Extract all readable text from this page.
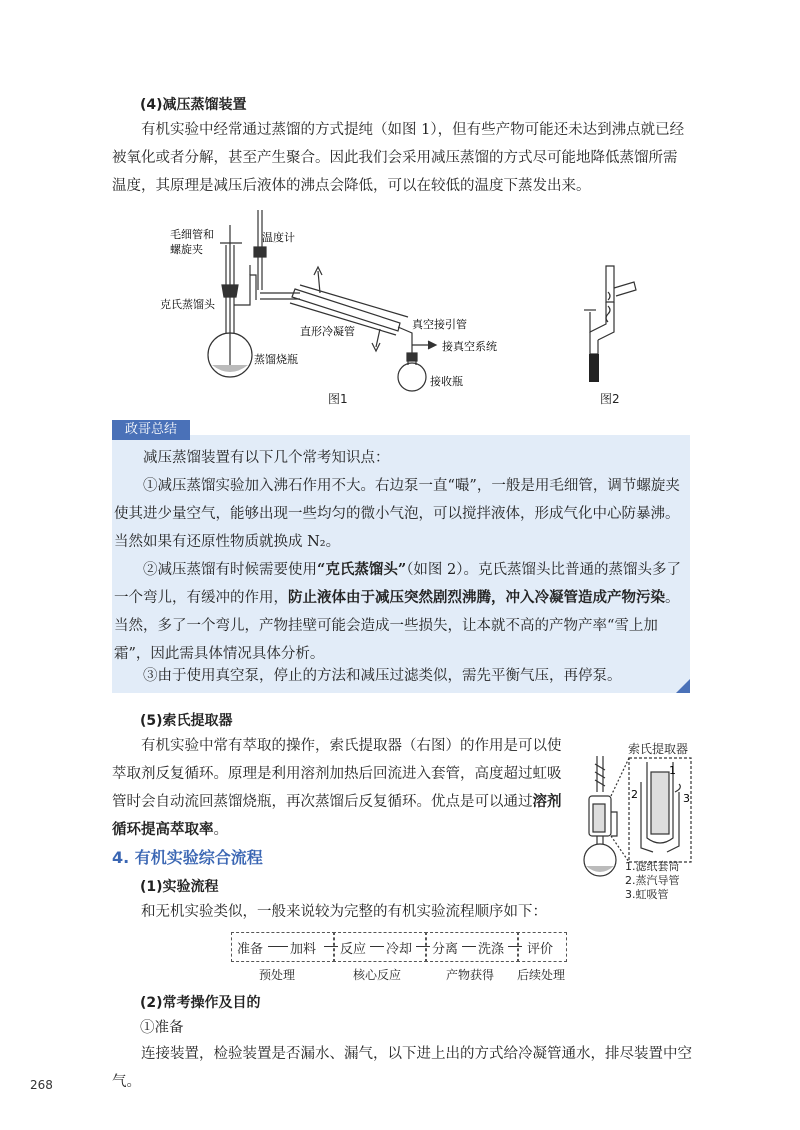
(4)减压蒸馏装置

有机实验中经常通过蒸馏的方式提纯（如图 1），但有些产物可能还未达到沸点就已经被氧化或者分解，甚至产生聚合。因此我们会采用减压蒸馏的方式尽可能地降低蒸馏所需温度，其原理是减压后液体的沸点会降低，可以在较低的温度下蒸发出来。

毛细管和
螺旋夹
温度计
克氏蒸馏头
直形冷凝管
真空接引管
接真空系统
蒸馏烧瓶
接收瓶
图1	图2
政哥总结

减压蒸馏装置有以下几个常考知识点：

①减压蒸馏实验加入沸石作用不大。右边泵一直“嘬”，一般是用毛细管，调节螺旋夹使其进少量空气，能够出现一些均匀的微小气泡，可以搅拌液体，形成气化中心防暴沸。当然如果有还原性物质就换成 N₂。

②减压蒸馏有时候需要使用“克氏蒸馏头”（如图 2）。克氏蒸馏头比普通的蒸馏头多了一个弯儿，有缓冲的作用，防止液体由于减压突然剧烈沸腾，冲入冷凝管造成产物污染。当然，多了一个弯儿，产物挂壁可能会造成一些损失，让本就不高的产物产率“雪上加霜”，因此需具体情况具体分析。

③由于使用真空泵，停止的方法和减压过滤类似，需先平衡气压，再停泵。

(5)索氏提取器

有机实验中常有萃取的操作，索氏提取器（右图）的作用是可以使萃取剂反复循环。原理是利用溶剂加热后回流进入套管，高度超过虹吸管时会自动流回蒸馏烧瓶，再次蒸馏后反复循环。优点是可以通过溶剂循环提高萃取率。

索氏提取器
1
2	3
1.滤纸套筒
2.蒸汽导管
3.虹吸管
4. 有机实验综合流程
(1)实验流程

和无机实验类似，一般来说较为完整的有机实验流程顺序如下：

准备 加料 反应 冷却 分离 洗涤 评价
预处理	核心反应	产物获得 后续处理
(2)常考操作及目的
①准备

连接装置，检验装置是否漏水、漏气，以下进上出的方式给冷凝管通水，排尽装置中空气。

268
